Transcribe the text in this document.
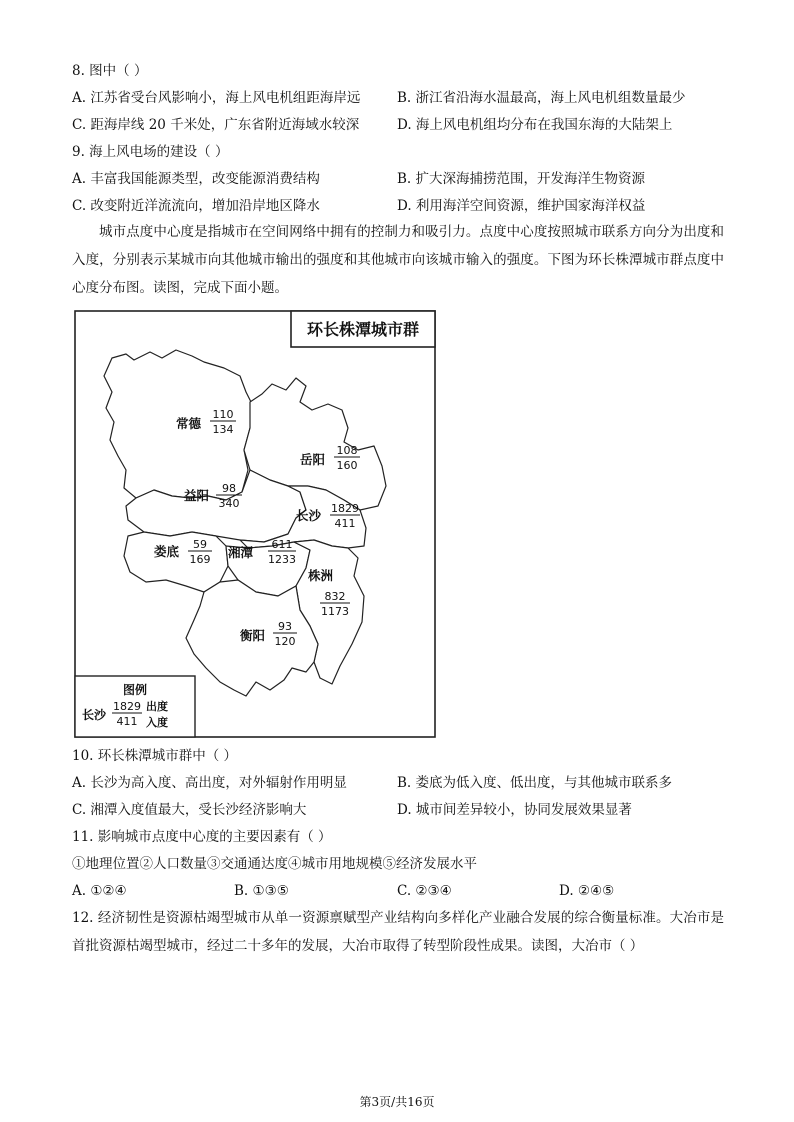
8. 图中（ ）
A. 江苏省受台风影响小，海上风电机组距海岸远	B. 浙江省沿海水温最高，海上风电机组数量最少
C. 距海岸线 20 千米处，广东省附近海域水较深	D. 海上风电机组均分布在我国东海的大陆架上
9. 海上风电场的建设（ ）
A. 丰富我国能源类型，改变能源消费结构	B. 扩大深海捕捞范围，开发海洋生物资源
C. 改变附近洋流流向，增加沿岸地区降水	D. 利用海洋空间资源，维护国家海洋权益
城市点度中心度是指城市在空间网络中拥有的控制力和吸引力。点度中心度按照城市联系方向分为出度和入度，分别表示某城市向其他城市输出的强度和其他城市向该城市输入的强度。下图为环长株潭城市群点度中心度分布图。读图，完成下面小题。
环长株潭城市群
常德
110
134
岳阳
108
160
益阳 98
340
长沙 1829
411
娄底 59
169 湘潭
611
1233
株洲
832
1173
衡阳
93
120
图例
长沙
1829
411
出度
入度
10. 环长株潭城市群中（ ）
A. 长沙为高入度、高出度，对外辐射作用明显	B. 娄底为低入度、低出度，与其他城市联系多
C. 湘潭入度值最大，受长沙经济影响大	D. 城市间差异较小，协同发展效果显著
11. 影响城市点度中心度的主要因素有（ ）
①地理位置②人口数量③交通通达度④城市用地规模⑤经济发展水平
A. ①②④	B. ①③⑤	C. ②③④	D. ②④⑤
12. 经济韧性是资源枯竭型城市从单一资源禀赋型产业结构向多样化产业融合发展的综合衡量标准。大冶市是首批资源枯竭型城市，经过二十多年的发展，大冶市取得了转型阶段性成果。读图，大冶市（ ）
第3页/共16页
